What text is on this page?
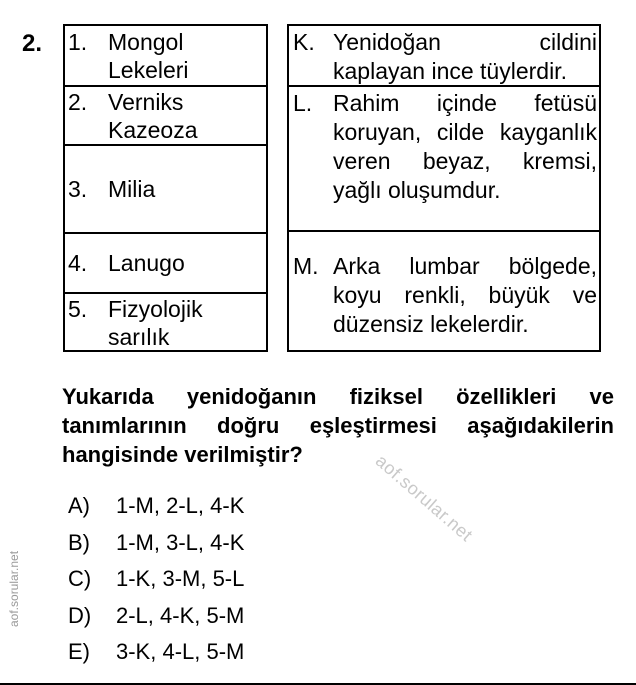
2. 1. Mongol
Lekeleri
2. Verniks
Kazeoza
3. Milia
4. Lanugo
5. Fizyolojik
sarılık
K. Yenidoğan cildini kaplayan ince tüylerdir.
L. Rahim içinde fetüsü koruyan, cilde kayganlık veren beyaz, kremsi, yağlı oluşumdur.
M. Arka lumbar bölgede, koyu renkli, büyük ve düzensiz lekelerdir.
Yukarıda yenidoğanın fiziksel özellikleri ve tanımlarının doğru eşleştirmesi aşağıdakilerin hangisinde verilmiştir?	aof.sorular.net
A)	1-M, 2-L, 4-K
B)	1-M, 3-L, 4-K
C)	1-K, 3-M, 5-L
D)	2-L, 4-K, 5-M
E)	3-K, 4-L, 5-M
aof.sorular.net
